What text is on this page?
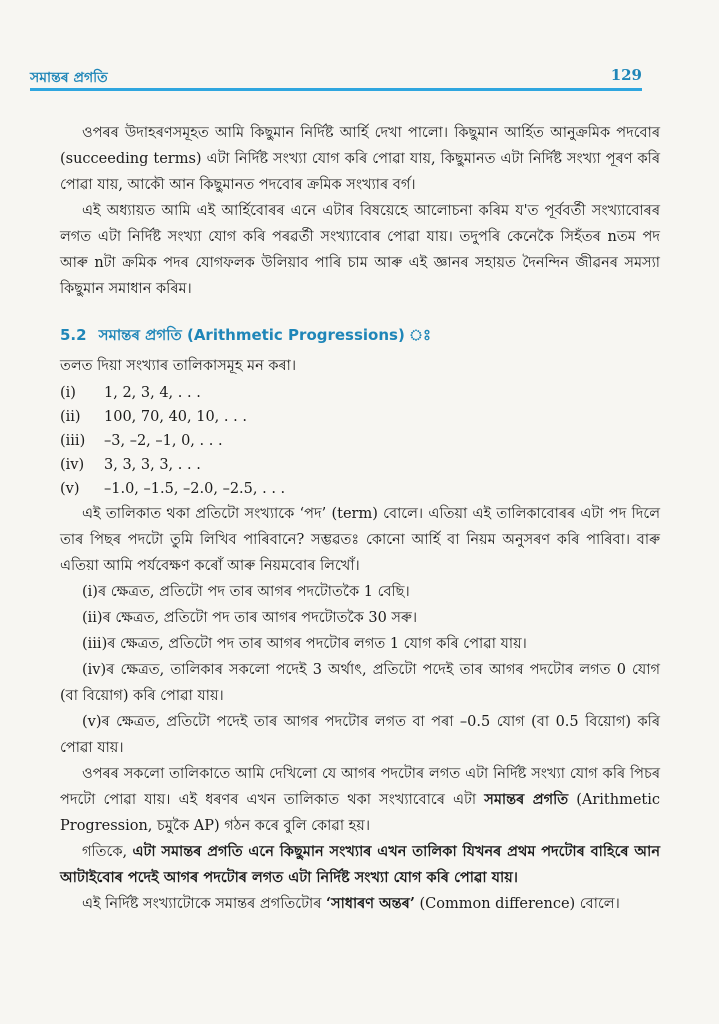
সমান্তৰ প্ৰগতি	129

ওপৰৰ উদাহৰণসমূহত আমি কিছুমান নিৰ্দিষ্ট আৰ্হি দেখা পালো। কিছুমান আৰ্হিত আনুক্ৰমিক পদবোৰ (succeeding terms) এটা নিৰ্দিষ্ট সংখ্যা যোগ কৰি পোৱা যায়, কিছুমানত এটা নিৰ্দিষ্ট সংখ্যা পূৰণ কৰি পোৱা যায়, আকৌ আন কিছুমানত পদবোৰ ক্ৰমিক সংখ্যাৰ বৰ্গ।

এই অধ্যায়ত আমি এই আৰ্হিবোৰৰ এনে এটাৰ বিষয়েহে আলোচনা কৰিম য'ত পূৰ্ববৰ্তী সংখ্যাবোৰৰ লগত এটা নিৰ্দিষ্ট সংখ্যা যোগ কৰি পৰৱৰ্তী সংখ্যাবোৰ পোৱা যায়। তদুপৰি কেনেকৈ সিহঁতৰ nতম পদ আৰু nটা ক্ৰমিক পদৰ যোগফলক উলিয়াব পাৰি চাম আৰু এই জ্ঞানৰ সহায়ত দৈনন্দিন জীৱনৰ সমস্যা কিছুমান সমাধান কৰিম।

5.2 সমান্তৰ প্ৰগতি (Arithmetic Progressions) ঃ

তলত দিয়া সংখ্যাৰ তালিকাসমূহ মন কৰা।

(i)	1, 2, 3, 4, . . .
(ii)	100, 70, 40, 10, . . .
(iii)	–3, –2, –1, 0, . . .
(iv)	3, 3, 3, 3, . . .
(v)	–1.0, –1.5, –2.0, –2.5, . . .

এই তালিকাত থকা প্ৰতিটো সংখ্যাকে ‘পদ’ (term) বোলে। এতিয়া এই তালিকাবোৰৰ এটা পদ দিলে তাৰ পিছৰ পদটো তুমি লিখিব পাৰিবানে? সম্ভৱতঃ কোনো আৰ্হি বা নিয়ম অনুসৰণ কৰি পাৰিবা। বাৰু এতিয়া আমি পৰ্যবেক্ষণ কৰোঁ আৰু নিয়মবোৰ লিখোঁ।

(i)ৰ ক্ষেত্ৰত, প্ৰতিটো পদ তাৰ আগৰ পদটোতকৈ 1 বেছি।

(ii)ৰ ক্ষেত্ৰত, প্ৰতিটো পদ তাৰ আগৰ পদটোতকৈ 30 সৰু।

(iii)ৰ ক্ষেত্ৰত, প্ৰতিটো পদ তাৰ আগৰ পদটোৰ লগত 1 যোগ কৰি পোৱা যায়।

(iv)ৰ ক্ষেত্ৰত, তালিকাৰ সকলো পদেই 3 অৰ্থাৎ, প্ৰতিটো পদেই তাৰ আগৰ পদটোৰ লগত 0 যোগ (বা বিয়োগ) কৰি পোৱা যায়।

(v)ৰ ক্ষেত্ৰত, প্ৰতিটো পদেই তাৰ আগৰ পদটোৰ লগত বা পৰা –0.5 যোগ (বা 0.5 বিয়োগ) কৰি পোৱা যায়।

ওপৰৰ সকলো তালিকাতে আমি দেখিলো যে আগৰ পদটোৰ লগত এটা নিৰ্দিষ্ট সংখ্যা যোগ কৰি পিচৰ পদটো পোৱা যায়। এই ধৰণৰ এখন তালিকাত থকা সংখ্যাবোৰে এটা সমান্তৰ প্ৰগতি (Arithmetic Progression, চমুকৈ AP) গঠন কৰে বুলি কোৱা হয়।

গতিকে, এটা সমান্তৰ প্ৰগতি এনে কিছুমান সংখ্যাৰ এখন তালিকা যিখনৰ প্ৰথম পদটোৰ বাহিৰে আন আটাইবোৰ পদেই আগৰ পদটোৰ লগত এটা নিৰ্দিষ্ট সংখ্যা যোগ কৰি পোৱা যায়।

এই নিৰ্দিষ্ট সংখ্যাটোকে সমান্তৰ প্ৰগতিটোৰ ‘সাধাৰণ অন্তৰ’ (Common difference) বোলে।
